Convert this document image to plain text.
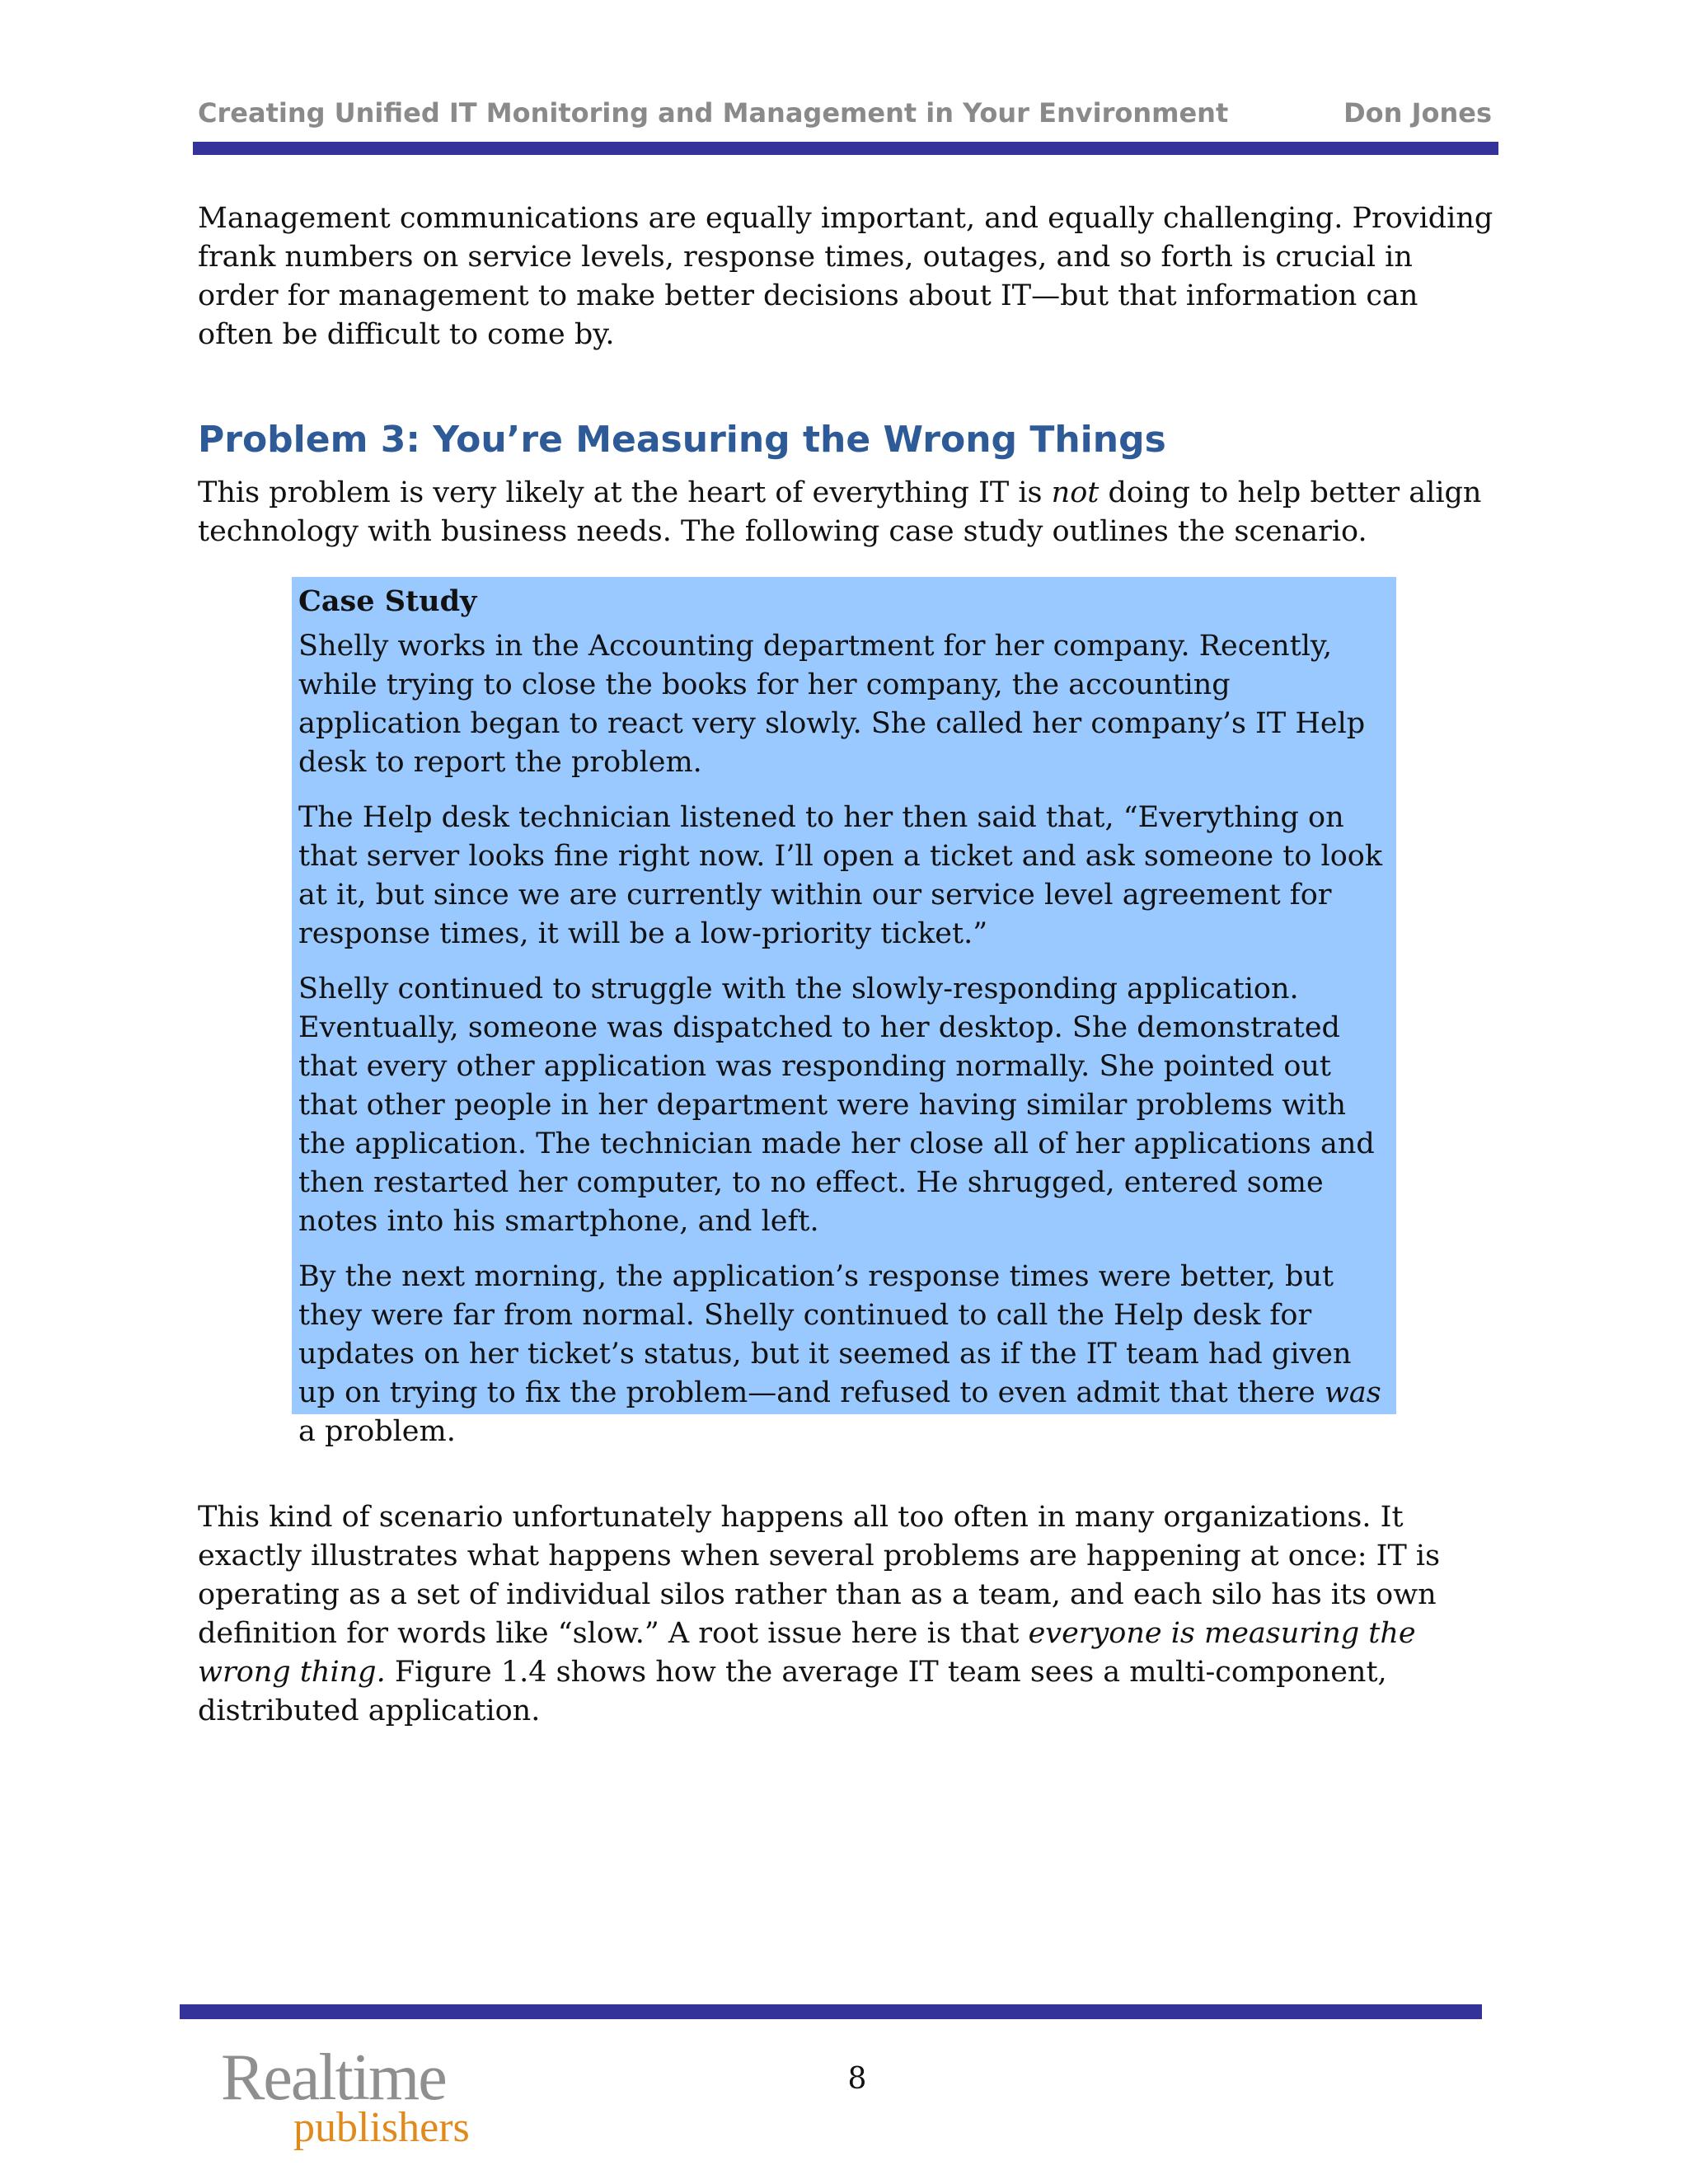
Creating Unified IT Monitoring and Management in Your Environment	Don Jones

Management communications are equally important, and equally challenging. Providing frank numbers on service levels, response times, outages, and so forth is crucial in order for management to make better decisions about IT—but that information can often be difficult to come by.

Problem 3: You’re Measuring the Wrong Things

This problem is very likely at the heart of everything IT is not doing to help better align technology with business needs. The following case study outlines the scenario.

Case Study

Shelly works in the Accounting department for her company. Recently, while trying to close the books for her company, the accounting application began to react very slowly. She called her company’s IT Help desk to report the problem.

The Help desk technician listened to her then said that, “Everything on that server looks fine right now. I’ll open a ticket and ask someone to look at it, but since we are currently within our service level agreement for response times, it will be a low-priority ticket.”

Shelly continued to struggle with the slowly-responding application. Eventually, someone was dispatched to her desktop. She demonstrated that every other application was responding normally. She pointed out that other people in her department were having similar problems with the application. The technician made her close all of her applications and then restarted her computer, to no effect. He shrugged, entered some notes into his smartphone, and left.

By the next morning, the application’s response times were better, but they were far from normal. Shelly continued to call the Help desk for updates on her ticket’s status, but it seemed as if the IT team had given up on trying to fix the problem—and refused to even admit that there was a problem.

This kind of scenario unfortunately happens all too often in many organizations. It exactly illustrates what happens when several problems are happening at once: IT is operating as a set of individual silos rather than as a team, and each silo has its own definition for words like “slow.” A root issue here is that everyone is measuring the wrong thing. Figure 1.4 shows how the average IT team sees a multi-component, distributed application.

Realtime
publishers
8
